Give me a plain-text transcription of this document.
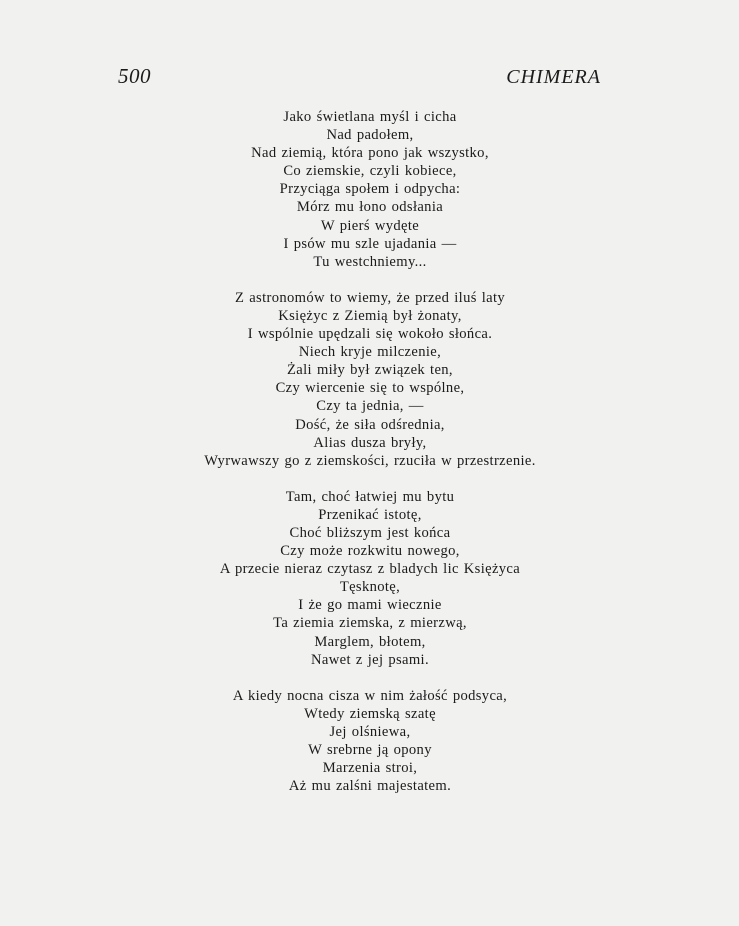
500	CHIMERA
Jako świetlana myśl i cicha
Nad padołem,
Nad ziemią, która pono jak wszystko,
Co ziemskie, czyli kobiece,
Przyciąga społem i odpycha:
Mórz mu łono odsłania
W pierś wydęte
I psów mu szle ujadania —
Tu westchniemy...
Z astronomów to wiemy, że przed iluś laty
Księżyc z Ziemią był żonaty,
I wspólnie upędzali się wokoło słońca.
Niech kryje milczenie,
Żali miły był związek ten,
Czy wiercenie się to wspólne,
Czy ta jednia, —
Dość, że siła odśrednia,
Alias dusza bryły,
Wyrwawszy go z ziemskości, rzuciła w przestrzenie.
Tam, choć łatwiej mu bytu
Przenikać istotę,
Choć bliższym jest końca
Czy może rozkwitu nowego,
A przecie nieraz czytasz z bladych lic Księżyca
Tęsknotę,
I że go mami wiecznie
Ta ziemia ziemska, z mierzwą,
Marglem, błotem,
Nawet z jej psami.
A kiedy nocna cisza w nim żałość podsyca,
Wtedy ziemską szatę
Jej olśniewa,
W srebrne ją opony
Marzenia stroi,
Aż mu zalśni majestatem.
